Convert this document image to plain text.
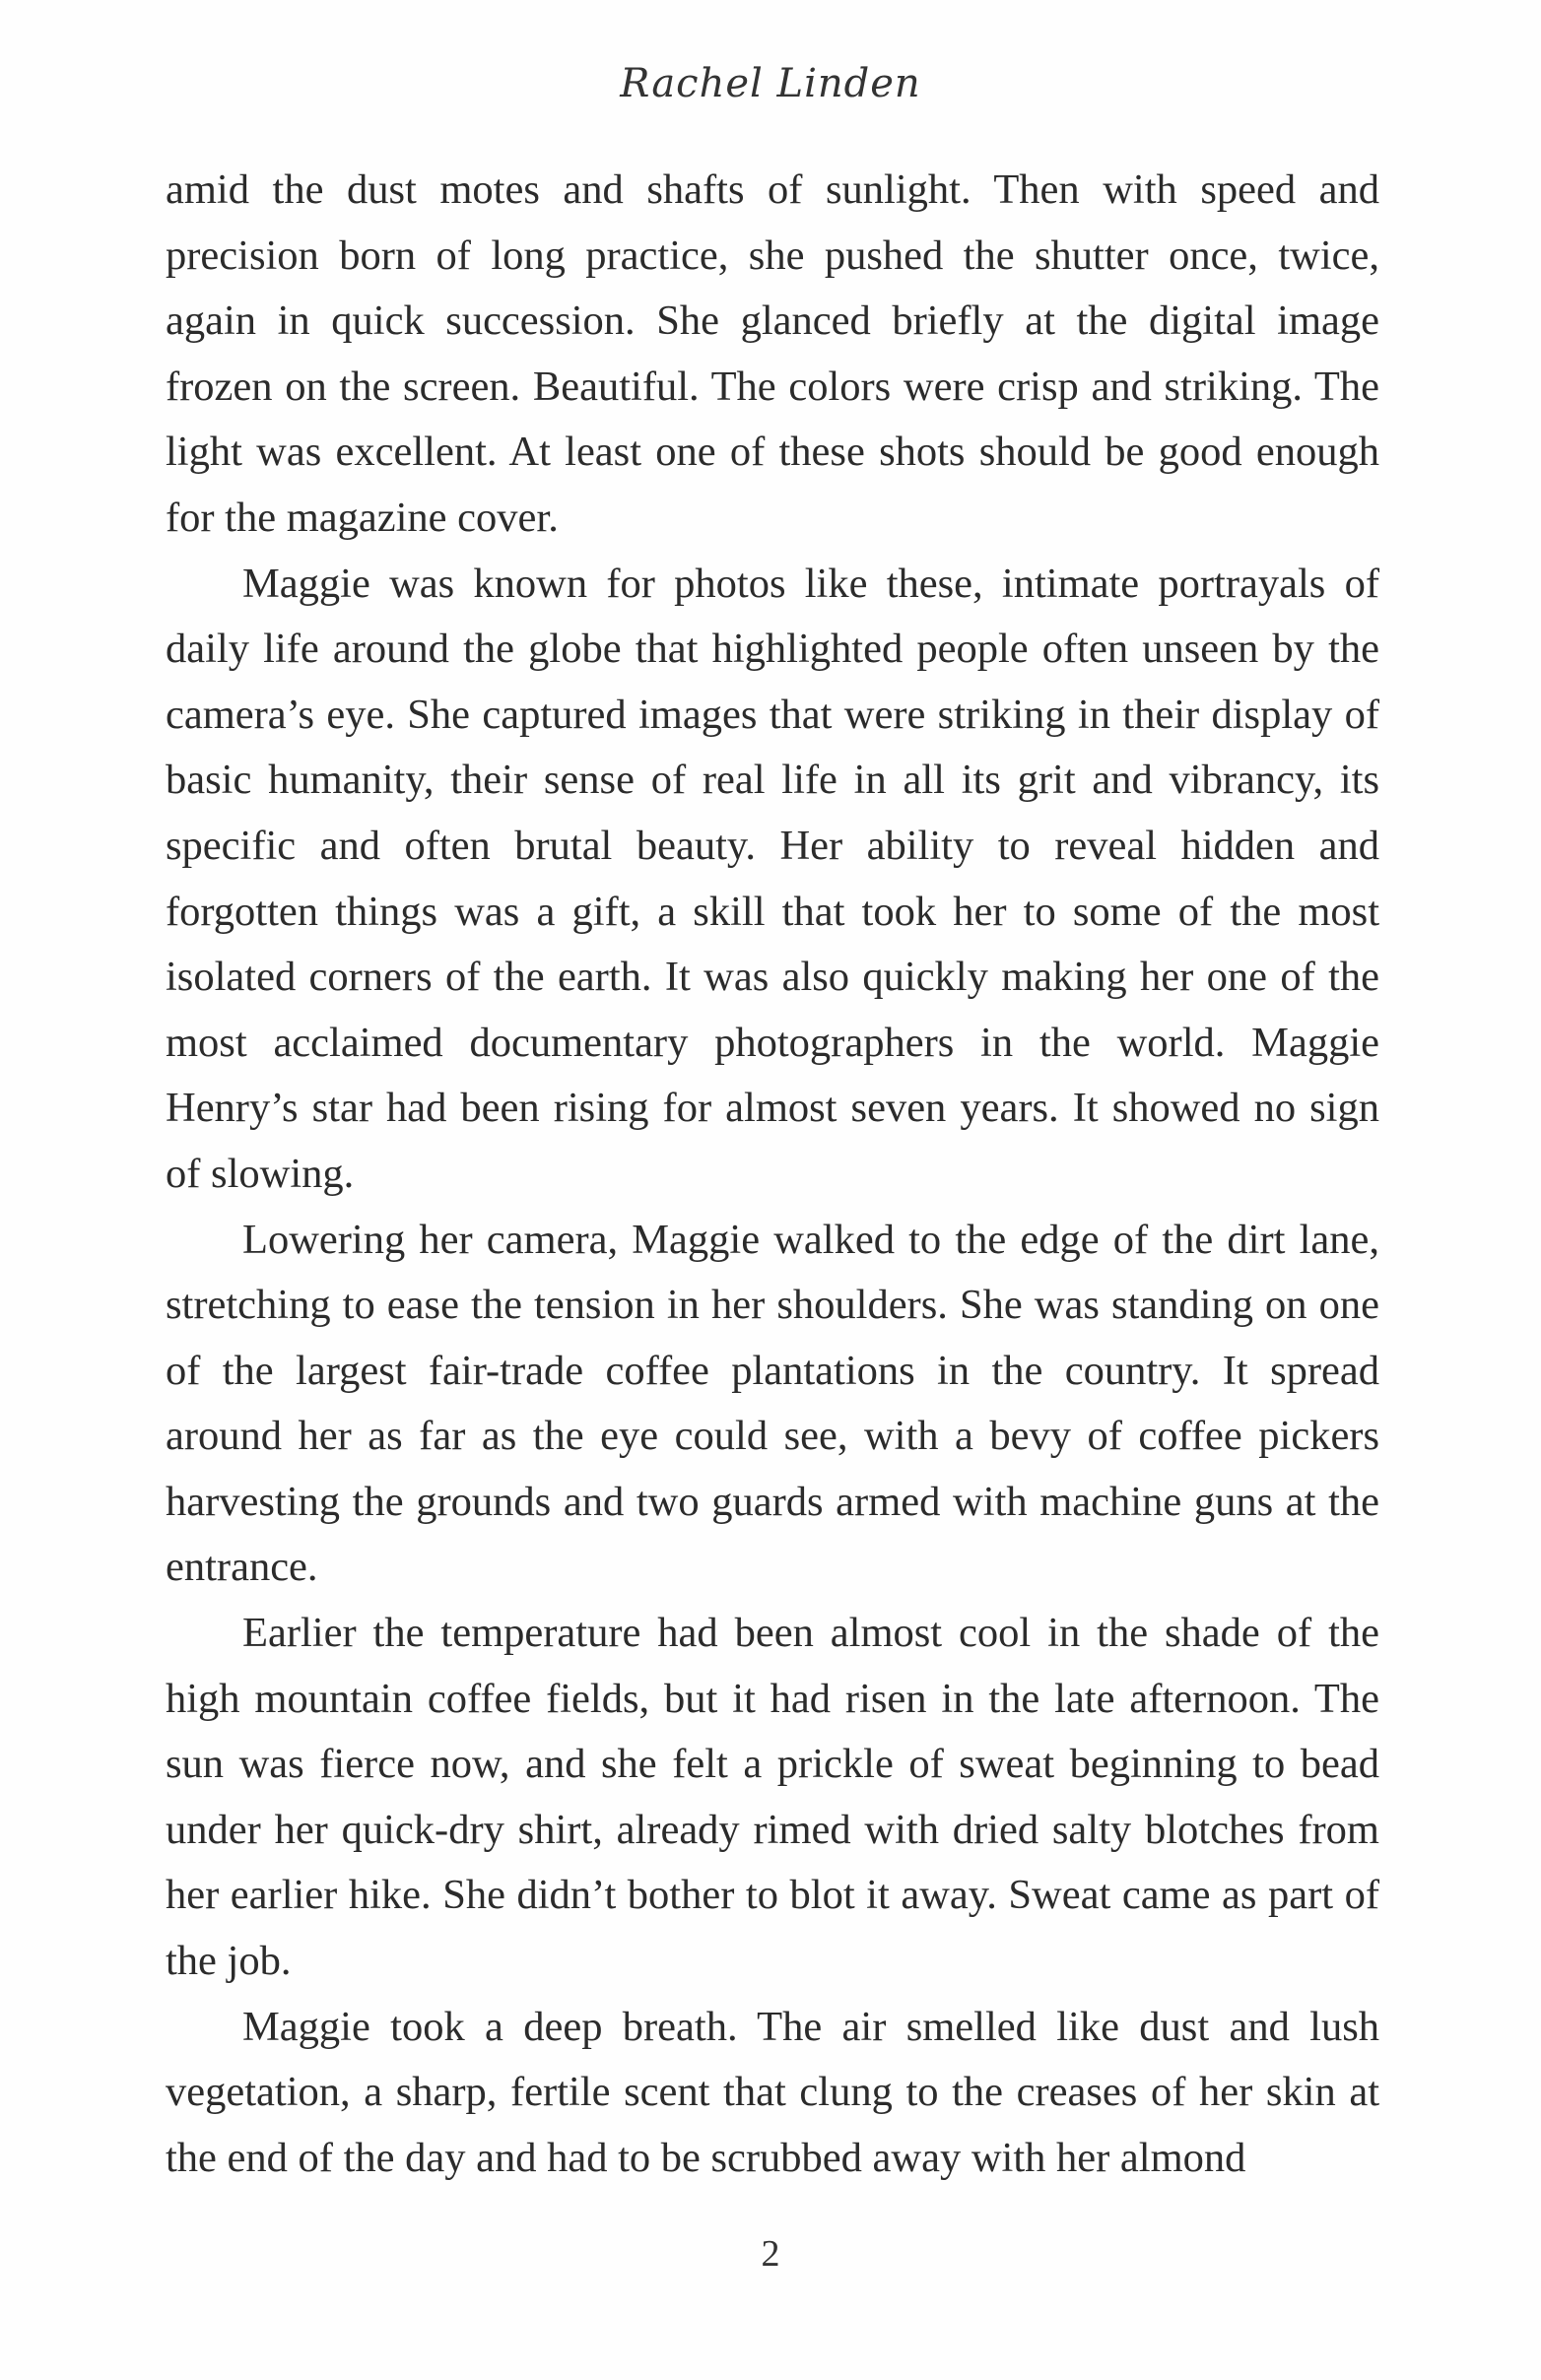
Rachel Linden

amid the dust motes and shafts of sunlight. Then with speed and precision born of long practice, she pushed the shutter once, twice, again in quick succession. She glanced briefly at the digital image frozen on the screen. Beautiful. The colors were crisp and striking. The light was excellent. At least one of these shots should be good enough for the magazine cover.

Maggie was known for photos like these, intimate portrayals of daily life around the globe that highlighted people often unseen by the camera’s eye. She captured images that were striking in their display of basic humanity, their sense of real life in all its grit and vibrancy, its specific and often brutal beauty. Her ability to reveal hidden and forgotten things was a gift, a skill that took her to some of the most isolated corners of the earth. It was also quickly making her one of the most acclaimed documentary photographers in the world. Maggie Henry’s star had been rising for almost seven years. It showed no sign of slowing.

Lowering her camera, Maggie walked to the edge of the dirt lane, stretching to ease the tension in her shoulders. She was standing on one of the largest fair-trade coffee plantations in the country. It spread around her as far as the eye could see, with a bevy of coffee pickers harvesting the grounds and two guards armed with machine guns at the entrance.

Earlier the temperature had been almost cool in the shade of the high mountain coffee fields, but it had risen in the late afternoon. The sun was fierce now, and she felt a prickle of sweat beginning to bead under her quick-dry shirt, already rimed with dried salty blotches from her earlier hike. She didn’t bother to blot it away. Sweat came as part of the job.

Maggie took a deep breath. The air smelled like dust and lush vegetation, a sharp, fertile scent that clung to the creases of her skin at the end of the day and had to be scrubbed away with her almond

2
